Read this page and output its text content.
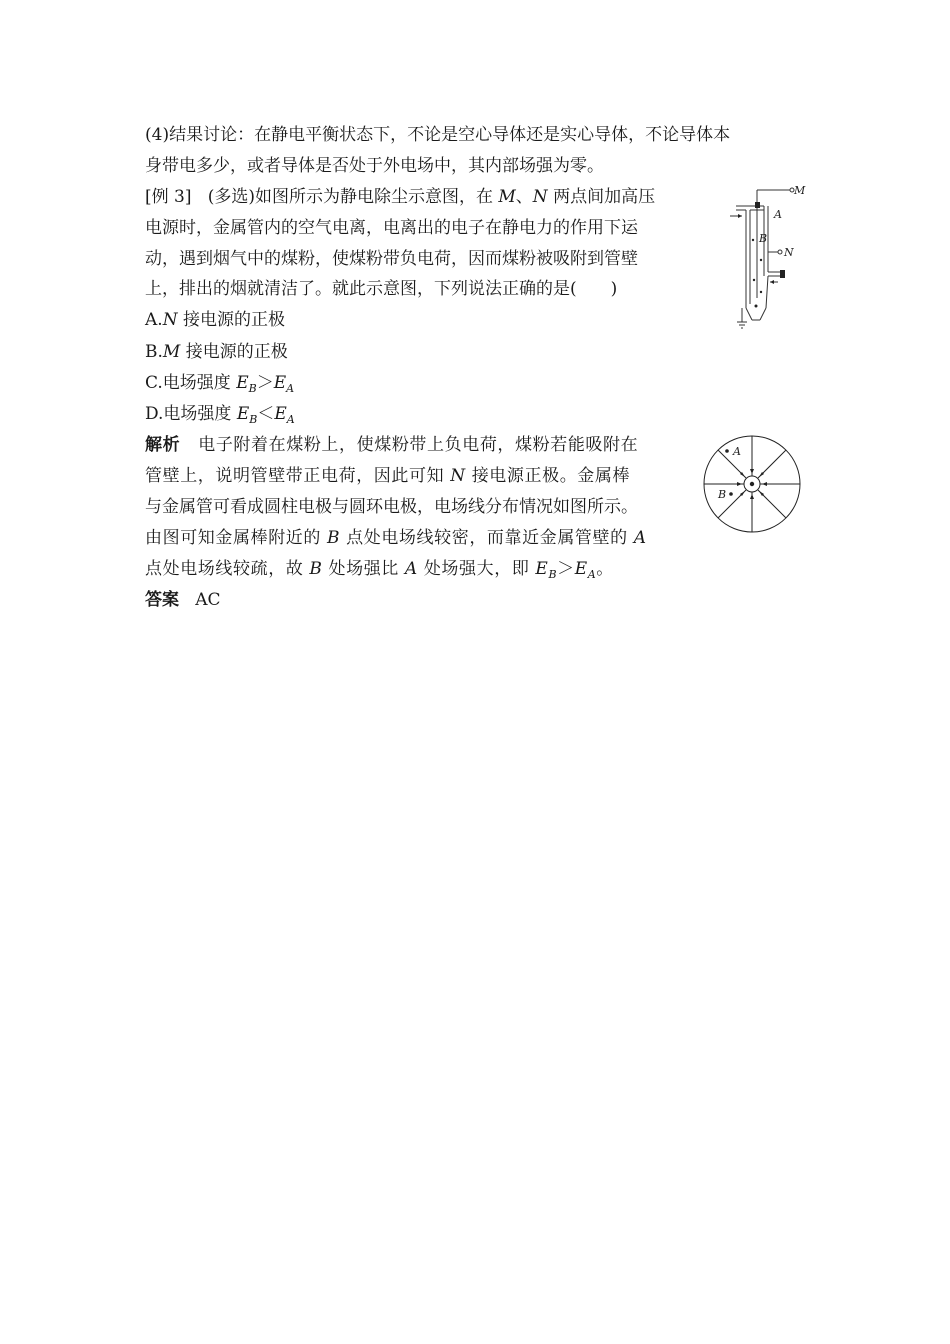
(4)结果讨论：在静电平衡状态下，不论是空心导体还是实心导体，不论导体本
身带电多少，或者导体是否处于外电场中，其内部场强为零。
[例 3] (多选)如图所示为静电除尘示意图，在 M、N 两点间加高压
电源时，金属管内的空气电离，电离出的电子在静电力的作用下运
动，遇到烟气中的煤粉，使煤粉带负电荷，因而煤粉被吸附到管壁
上，排出的烟就清洁了。就此示意图，下列说法正确的是(　　)
A.N 接电源的正极
B.M 接电源的正极
C.电场强度 $E_B>E_A$
D.电场强度 $E_B<E_A$
解析 电子附着在煤粉上，使煤粉带上负电荷，煤粉若能吸附在
管壁上，说明管壁带正电荷，因此可知 N 接电源正极。金属棒
与金属管可看成圆柱电极与圆环电极，电场线分布情况如图所示。
由图可知金属棒附近的 B 点处电场线较密，而靠近金属管壁的 A
点处电场线较疏，故 B 处场强比 A 处场强大，即 $E_B>E_A$。
答案 AC
M
A
B
N
A
B
